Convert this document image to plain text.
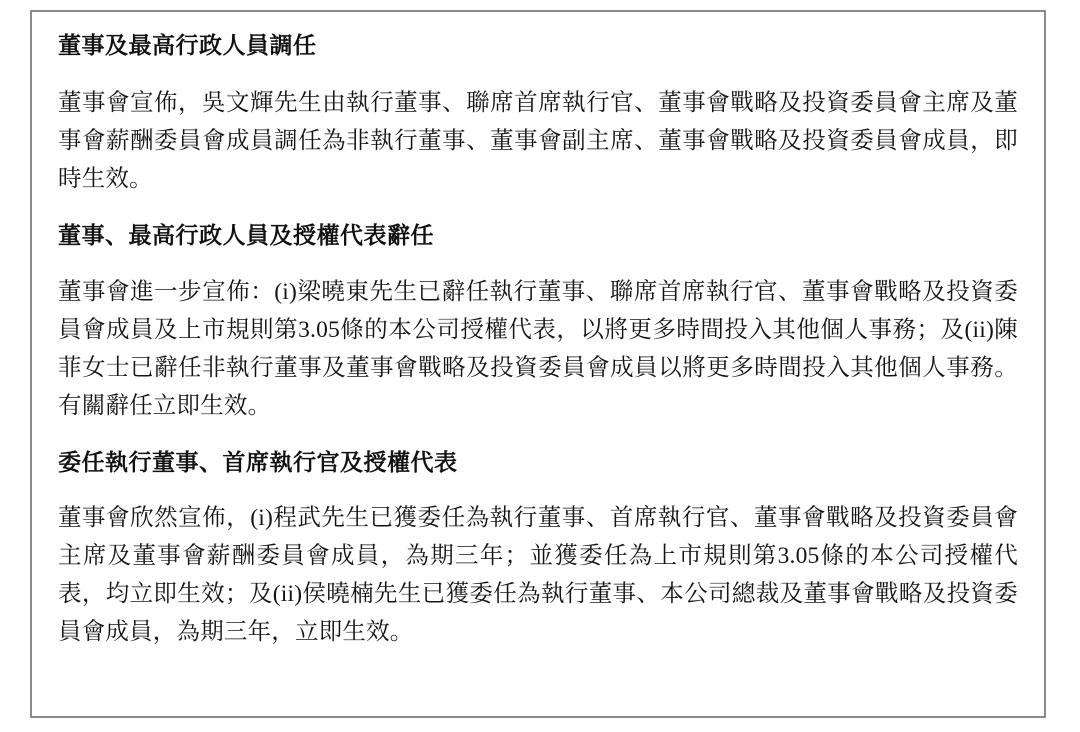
董事及最高行政人員調任

董事會宣佈，吳文輝先生由執行董事、聯席首席執行官、董事會戰略及投資委員會主席及董事會薪酬委員會成員調任為非執行董事、董事會副主席、董事會戰略及投資委員會成員，即時生效。

董事、最高行政人員及授權代表辭任

董事會進一步宣佈：(i)梁曉東先生已辭任執行董事、聯席首席執行官、董事會戰略及投資委員會成員及上市規則第3.05條的本公司授權代表，以將更多時間投入其他個人事務；及(ii)陳菲女士已辭任非執行董事及董事會戰略及投資委員會成員以將更多時間投入其他個人事務。有關辭任立即生效。

委任執行董事、首席執行官及授權代表

董事會欣然宣佈，(i)程武先生已獲委任為執行董事、首席執行官、董事會戰略及投資委員會主席及董事會薪酬委員會成員，為期三年；並獲委任為上市規則第3.05條的本公司授權代表，均立即生效；及(ii)侯曉楠先生已獲委任為執行董事、本公司總裁及董事會戰略及投資委員會成員，為期三年，立即生效。
